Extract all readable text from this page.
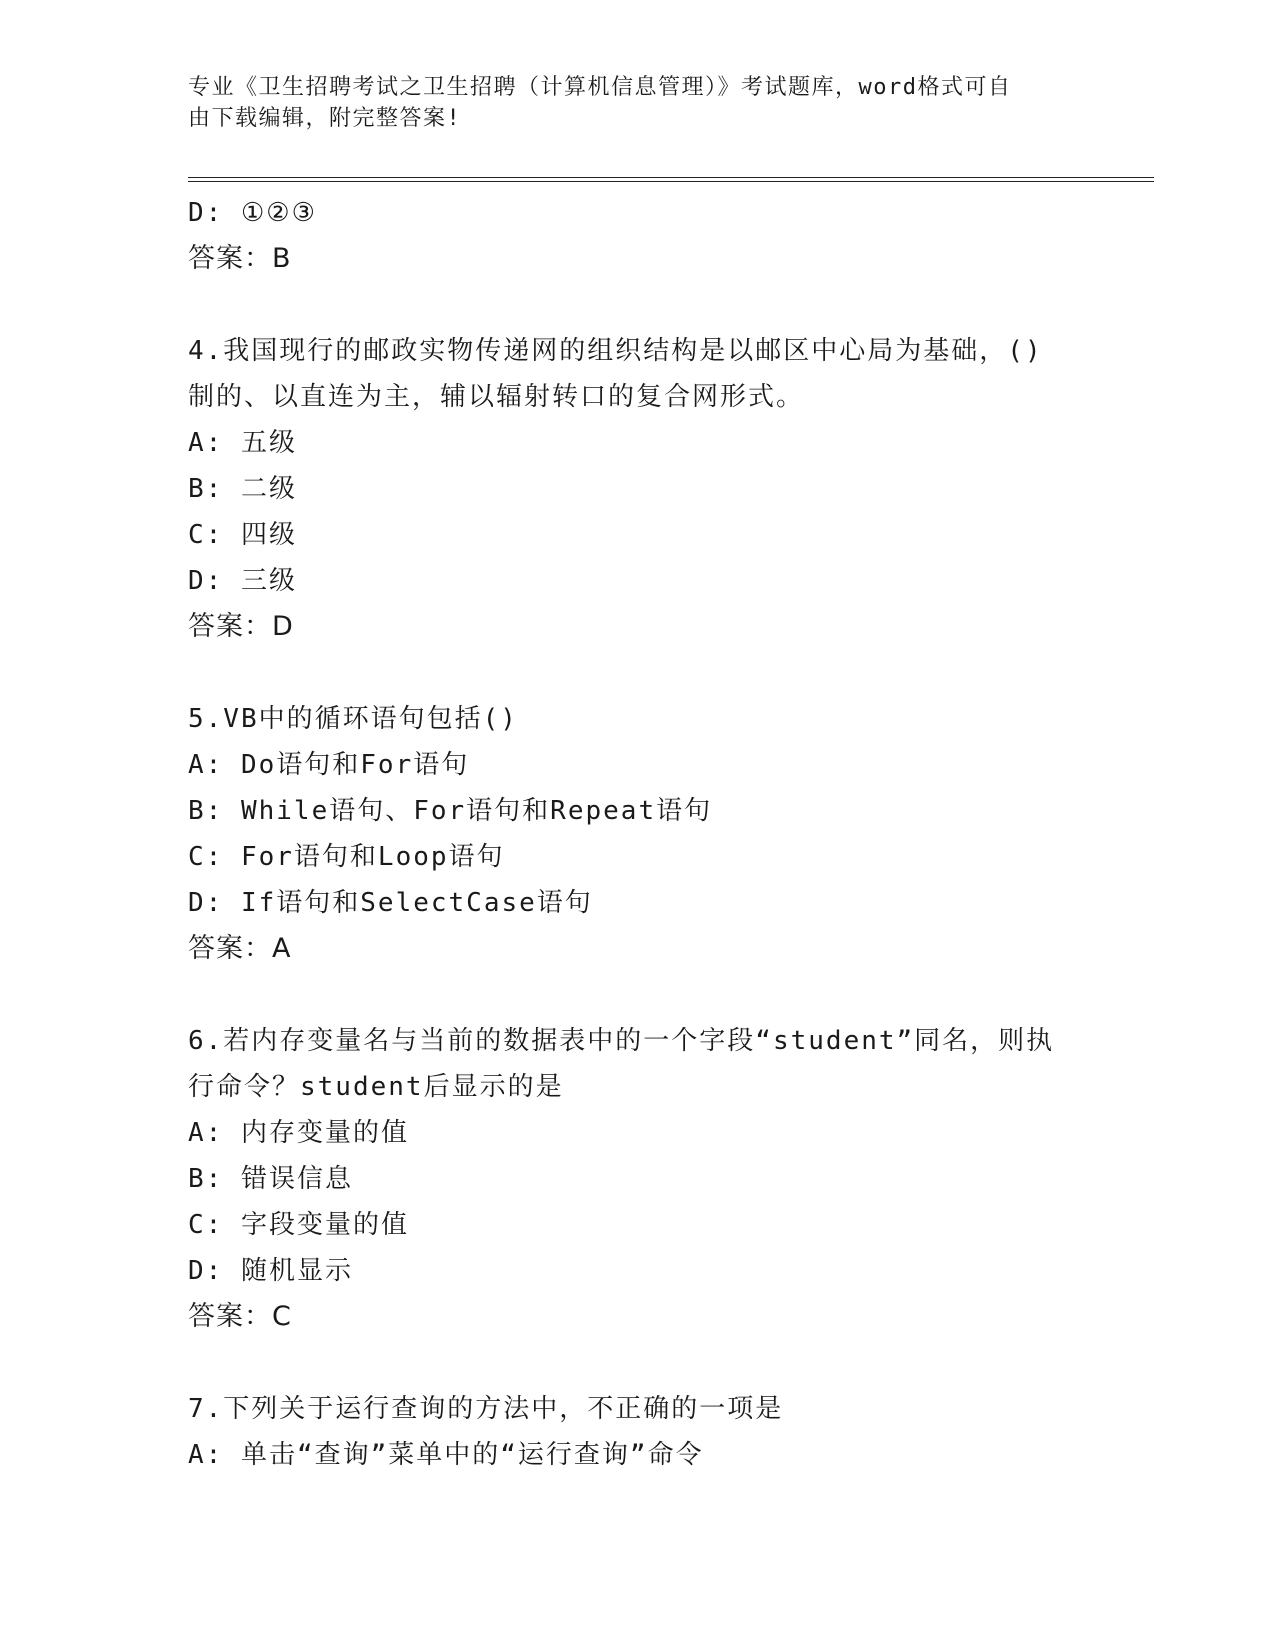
专业《卫生招聘考试之卫生招聘（计算机信息管理）》考试题库，word格式可自
由下载编辑，附完整答案!
D: ①②③
答案：B
4.我国现行的邮政实物传递网的组织结构是以邮区中心局为基础，()
制的、以直连为主，辅以辐射转口的复合网形式。
A: 五级
B: 二级
C: 四级
D: 三级
答案：D
5.VB中的循环语句包括()
A: Do语句和For语句
B: While语句、For语句和Repeat语句
C: For语句和Loop语句
D: If语句和SelectCase语句
答案：A
6.若内存变量名与当前的数据表中的一个字段“student”同名，则执
行命令？student后显示的是
A: 内存变量的值
B: 错误信息
C: 字段变量的值
D: 随机显示
答案：C
7.下列关于运行查询的方法中，不正确的一项是
A: 单击“查询”菜单中的“运行查询”命令
